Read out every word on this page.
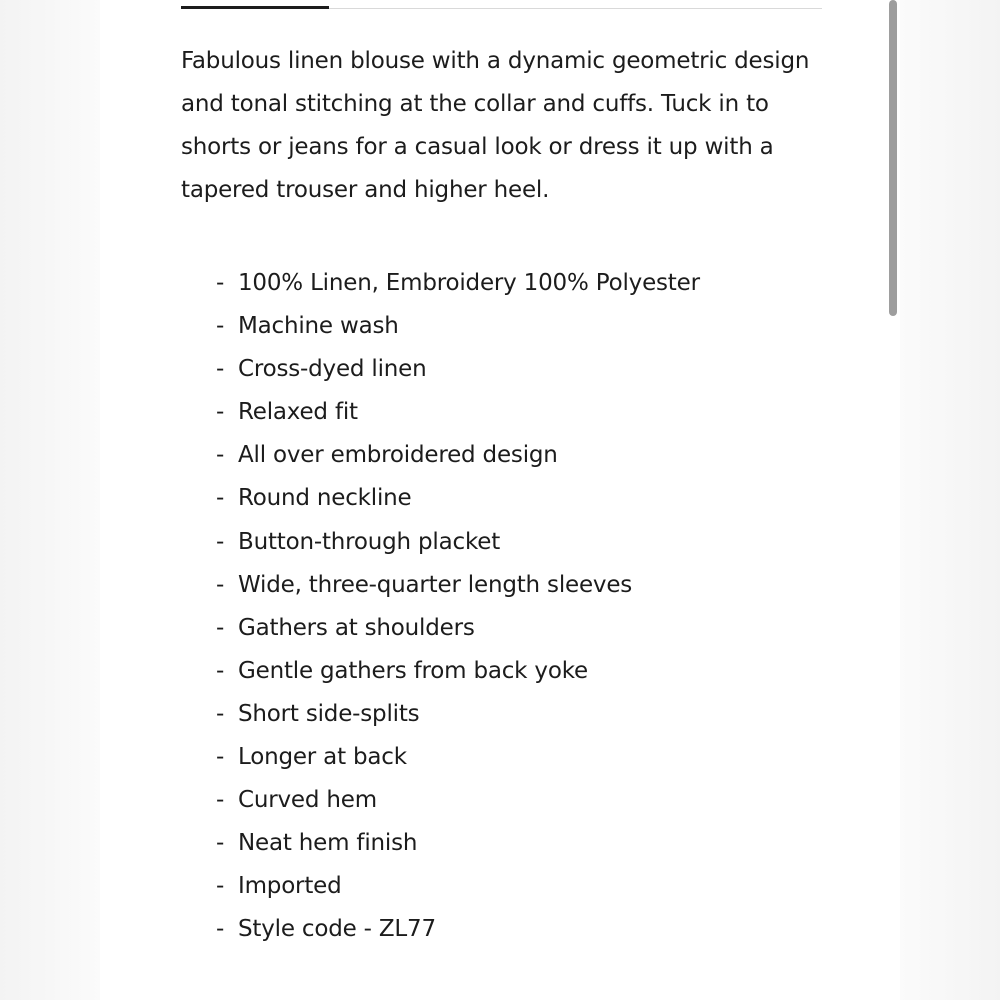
Fabulous linen blouse with a dynamic geometric design and tonal stitching at the collar and cuffs. Tuck in to shorts or jeans for a casual look or dress it up with a tapered trouser and higher heel.

- 100% Linen, Embroidery 100% Polyester
- Machine wash
- Cross-dyed linen
- Relaxed fit
- All over embroidered design
- Round neckline
- Button-through placket
- Wide, three-quarter length sleeves
- Gathers at shoulders
- Gentle gathers from back yoke
- Short side-splits
- Longer at back
- Curved hem
- Neat hem finish
- Imported
- Style code - ZL77
